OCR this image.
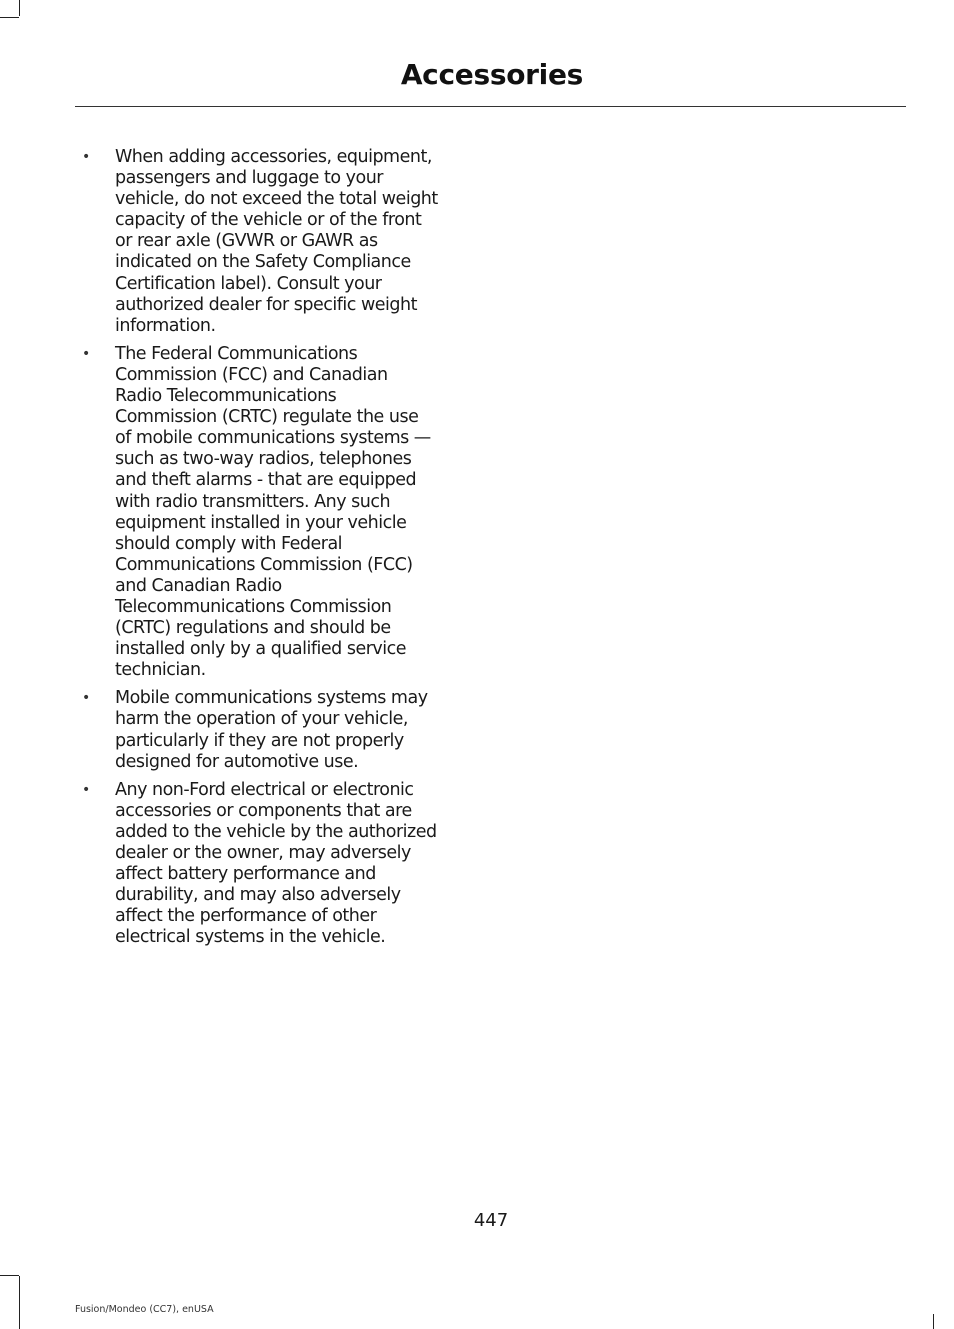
Accessories
• When adding accessories, equipment,
passengers and luggage to your
vehicle, do not exceed the total weight
capacity of the vehicle or of the front
or rear axle (GVWR or GAWR as
indicated on the Safety Compliance
Certification label). Consult your
authorized dealer for specific weight
information.
• The Federal Communications
Commission (FCC) and Canadian
Radio Telecommunications
Commission (CRTC) regulate the use
of mobile communications systems —
such as two-way radios, telephones
and theft alarms - that are equipped
with radio transmitters. Any such
equipment installed in your vehicle
should comply with Federal
Communications Commission (FCC)
and Canadian Radio
Telecommunications Commission
(CRTC) regulations and should be
installed only by a qualified service
technician.
• Mobile communications systems may
harm the operation of your vehicle,
particularly if they are not properly
designed for automotive use.
• Any non-Ford electrical or electronic
accessories or components that are
added to the vehicle by the authorized
dealer or the owner, may adversely
affect battery performance and
durability, and may also adversely
affect the performance of other
electrical systems in the vehicle.
447
Fusion/Mondeo (CC7), enUSA
